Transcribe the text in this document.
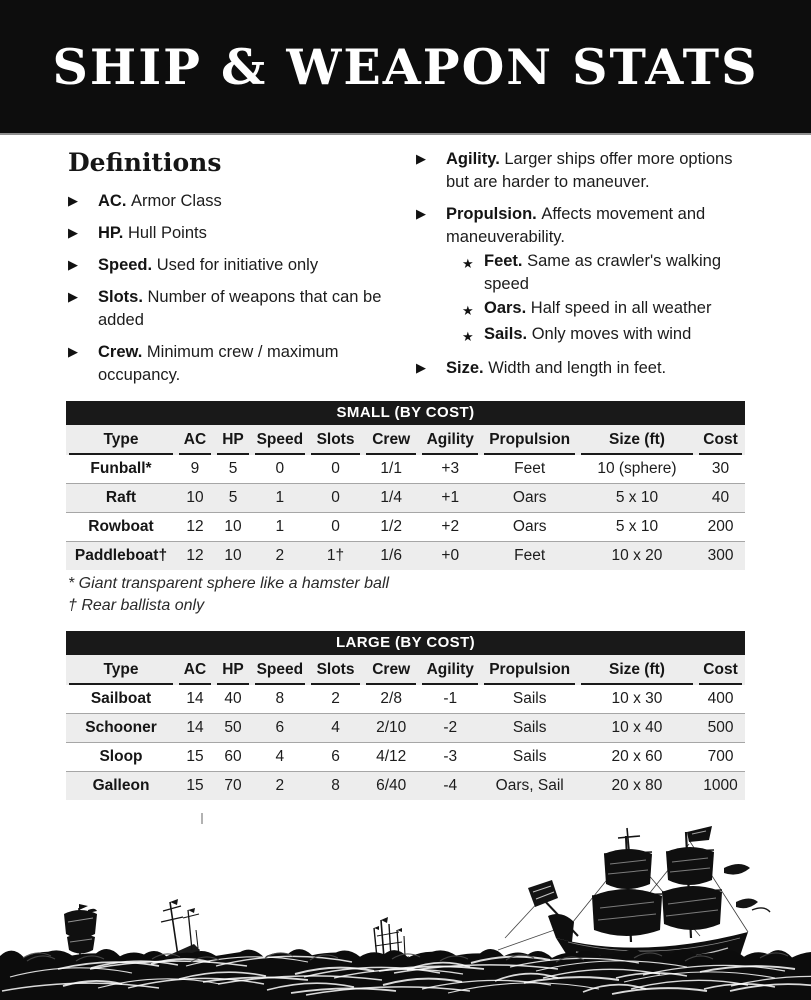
SHIP & WEAPON STATS
Definitions
▶	AC. Armor Class
▶	HP. Hull Points
▶	Speed. Used for initiative only
▶	Slots. Number of weapons that can be added
▶	Crew. Minimum crew / maximum occupancy.
▶	Agility. Larger ships offer more options but are harder to maneuver.
▶	Propulsion. Affects movement and maneuverability.
★ Feet. Same as crawler's walking speed
★ Oars. Half speed in all weather
★ Sails. Only moves with wind
▶	Size. Width and length in feet.
SMALL (BY COST)
Type	AC	HP	Speed	Slots	Crew	Agility	Propulsion	Size (ft)	Cost
Funball*	9	5	0	0	1/1	+3	Feet	10 (sphere)	30
Raft	10	5	1	0	1/4	+1	Oars	5 x 10	40
Rowboat	12	10	1	0	1/2	+2	Oars	5 x 10	200
Paddleboat†	12	10	2	1†	1/6	+0	Feet	10 x 20	300
* Giant transparent sphere like a hamster ball
† Rear ballista only
LARGE (BY COST)
Type	AC	HP	Speed	Slots	Crew	Agility	Propulsion	Size (ft)	Cost
Sailboat	14	40	8	2	2/8	-1	Sails	10 x 30	400
Schooner	14	50	6	4	2/10	-2	Sails	10 x 40	500
Sloop	15	60	4	6	4/12	-3	Sails	20 x 60	700
Galleon	15	70	2	8	6/40	-4	Oars, Sail	20 x 80	1000
